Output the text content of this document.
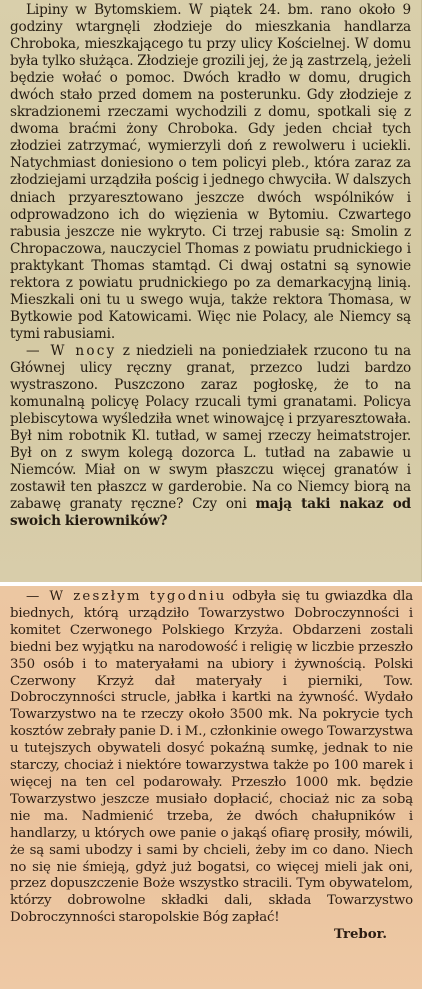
Lipiny w Bytomskiem. W piątek 24. bm. rano około 9 godziny wtargnęli złodzieje do mieszkania handlarza Chroboka, mieszkającego tu przy ulicy Kościelnej. W domu była tylko służąca. Złodzieje grozili jej, że ją zastrzelą, jeżeli będzie wołać o pomoc. Dwóch kradło w domu, drugich dwóch stało przed domem na posterunku. Gdy złodzieje z skradzionemi rzeczami wychodzili z domu, spotkali się z dwoma braćmi żony Chroboka. Gdy jeden chciał tych złodziei zatrzymać, wymierzyli doń z rewolweru i uciekli. Natychmiast doniesiono o tem policyi pleb., która zaraz za złodziejami urządziła pościg i jednego chwyciła. W dalszych dniach przyaresztowano jeszcze dwóch wspólników i odprowadzono ich do więzienia w Bytomiu. Czwartego rabusia jeszcze nie wykryto. Ci trzej rabusie są: Smolin z Chropaczowa, nauczyciel Thomas z powiatu prudnickiego i praktykant Thomas stamtąd. Ci dwaj ostatni są synowie rektora z powiatu prudnickiego po za demarkacyjną linią. Mieszkali oni tu u swego wuja, także rektora Thomasa, w Bytkowie pod Katowicami. Więc nie Polacy, ale Niemcy są tymi rabusiami.

— W nocy z niedzieli na poniedziałek rzucono tu na Głównej ulicy ręczny granat, przezco ludzi bardzo wystraszono. Puszczono zaraz pogłoskę, że to na komunalną policyę Polacy rzucali tymi granatami. Policya plebiscytowa wyśledziła wnet winowajcę i przyaresztowała. Był nim robotnik Kl. tutład, w samej rzeczy heimatstrojer. Był on z swym kolegą dozorca L. tutład na zabawie u Niemców. Miał on w swym płaszczu więcej granatów i zostawił ten płaszcz w garderobie. Na co Niemcy biorą na zabawę granaty ręczne? Czy oni mają taki nakaz od swoich kierowników?

— W zeszłym tygodniu odbyła się tu gwiazdka dla biednych, którą urządziło Towarzystwo Dobroczynności i komitet Czerwonego Polskiego Krzyża. Obdarzeni zostali biedni bez wyjątku na narodowość i religię w liczbie przeszło 350 osób i to materyałami na ubiory i żywnością. Polski Czerwony Krzyż dał materyały i pierniki, Tow. Dobroczynności strucle, jabłka i kartki na żywność. Wydało Towarzystwo na te rzeczy około 3500 mk. Na pokrycie tych kosztów zebrały panie D. i M., członkinie owego Towarzystwa u tutejszych obywateli dosyć pokaźną sumkę, jednak to nie starczy, chociaż i niektóre towarzystwa także po 100 marek i więcej na ten cel podarowały. Przeszło 1000 mk. będzie Towarzystwo jeszcze musiało dopłacić, chociaż nic za sobą nie ma. Nadmienić trzeba, że dwóch chałupników i handlarzy, u których owe panie o jakąś ofiarę prosiły, mówili, że są sami ubodzy i sami by chcieli, żeby im co dano. Niech no się nie śmieją, gdyż już bogatsi, co więcej mieli jak oni, przez dopuszczenie Boże wszystko stracili. Tym obywatelom, którzy dobrowolne składki dali, składa Towarzystwo Dobroczynności staropolskie Bóg zapłać!

Trebor.
